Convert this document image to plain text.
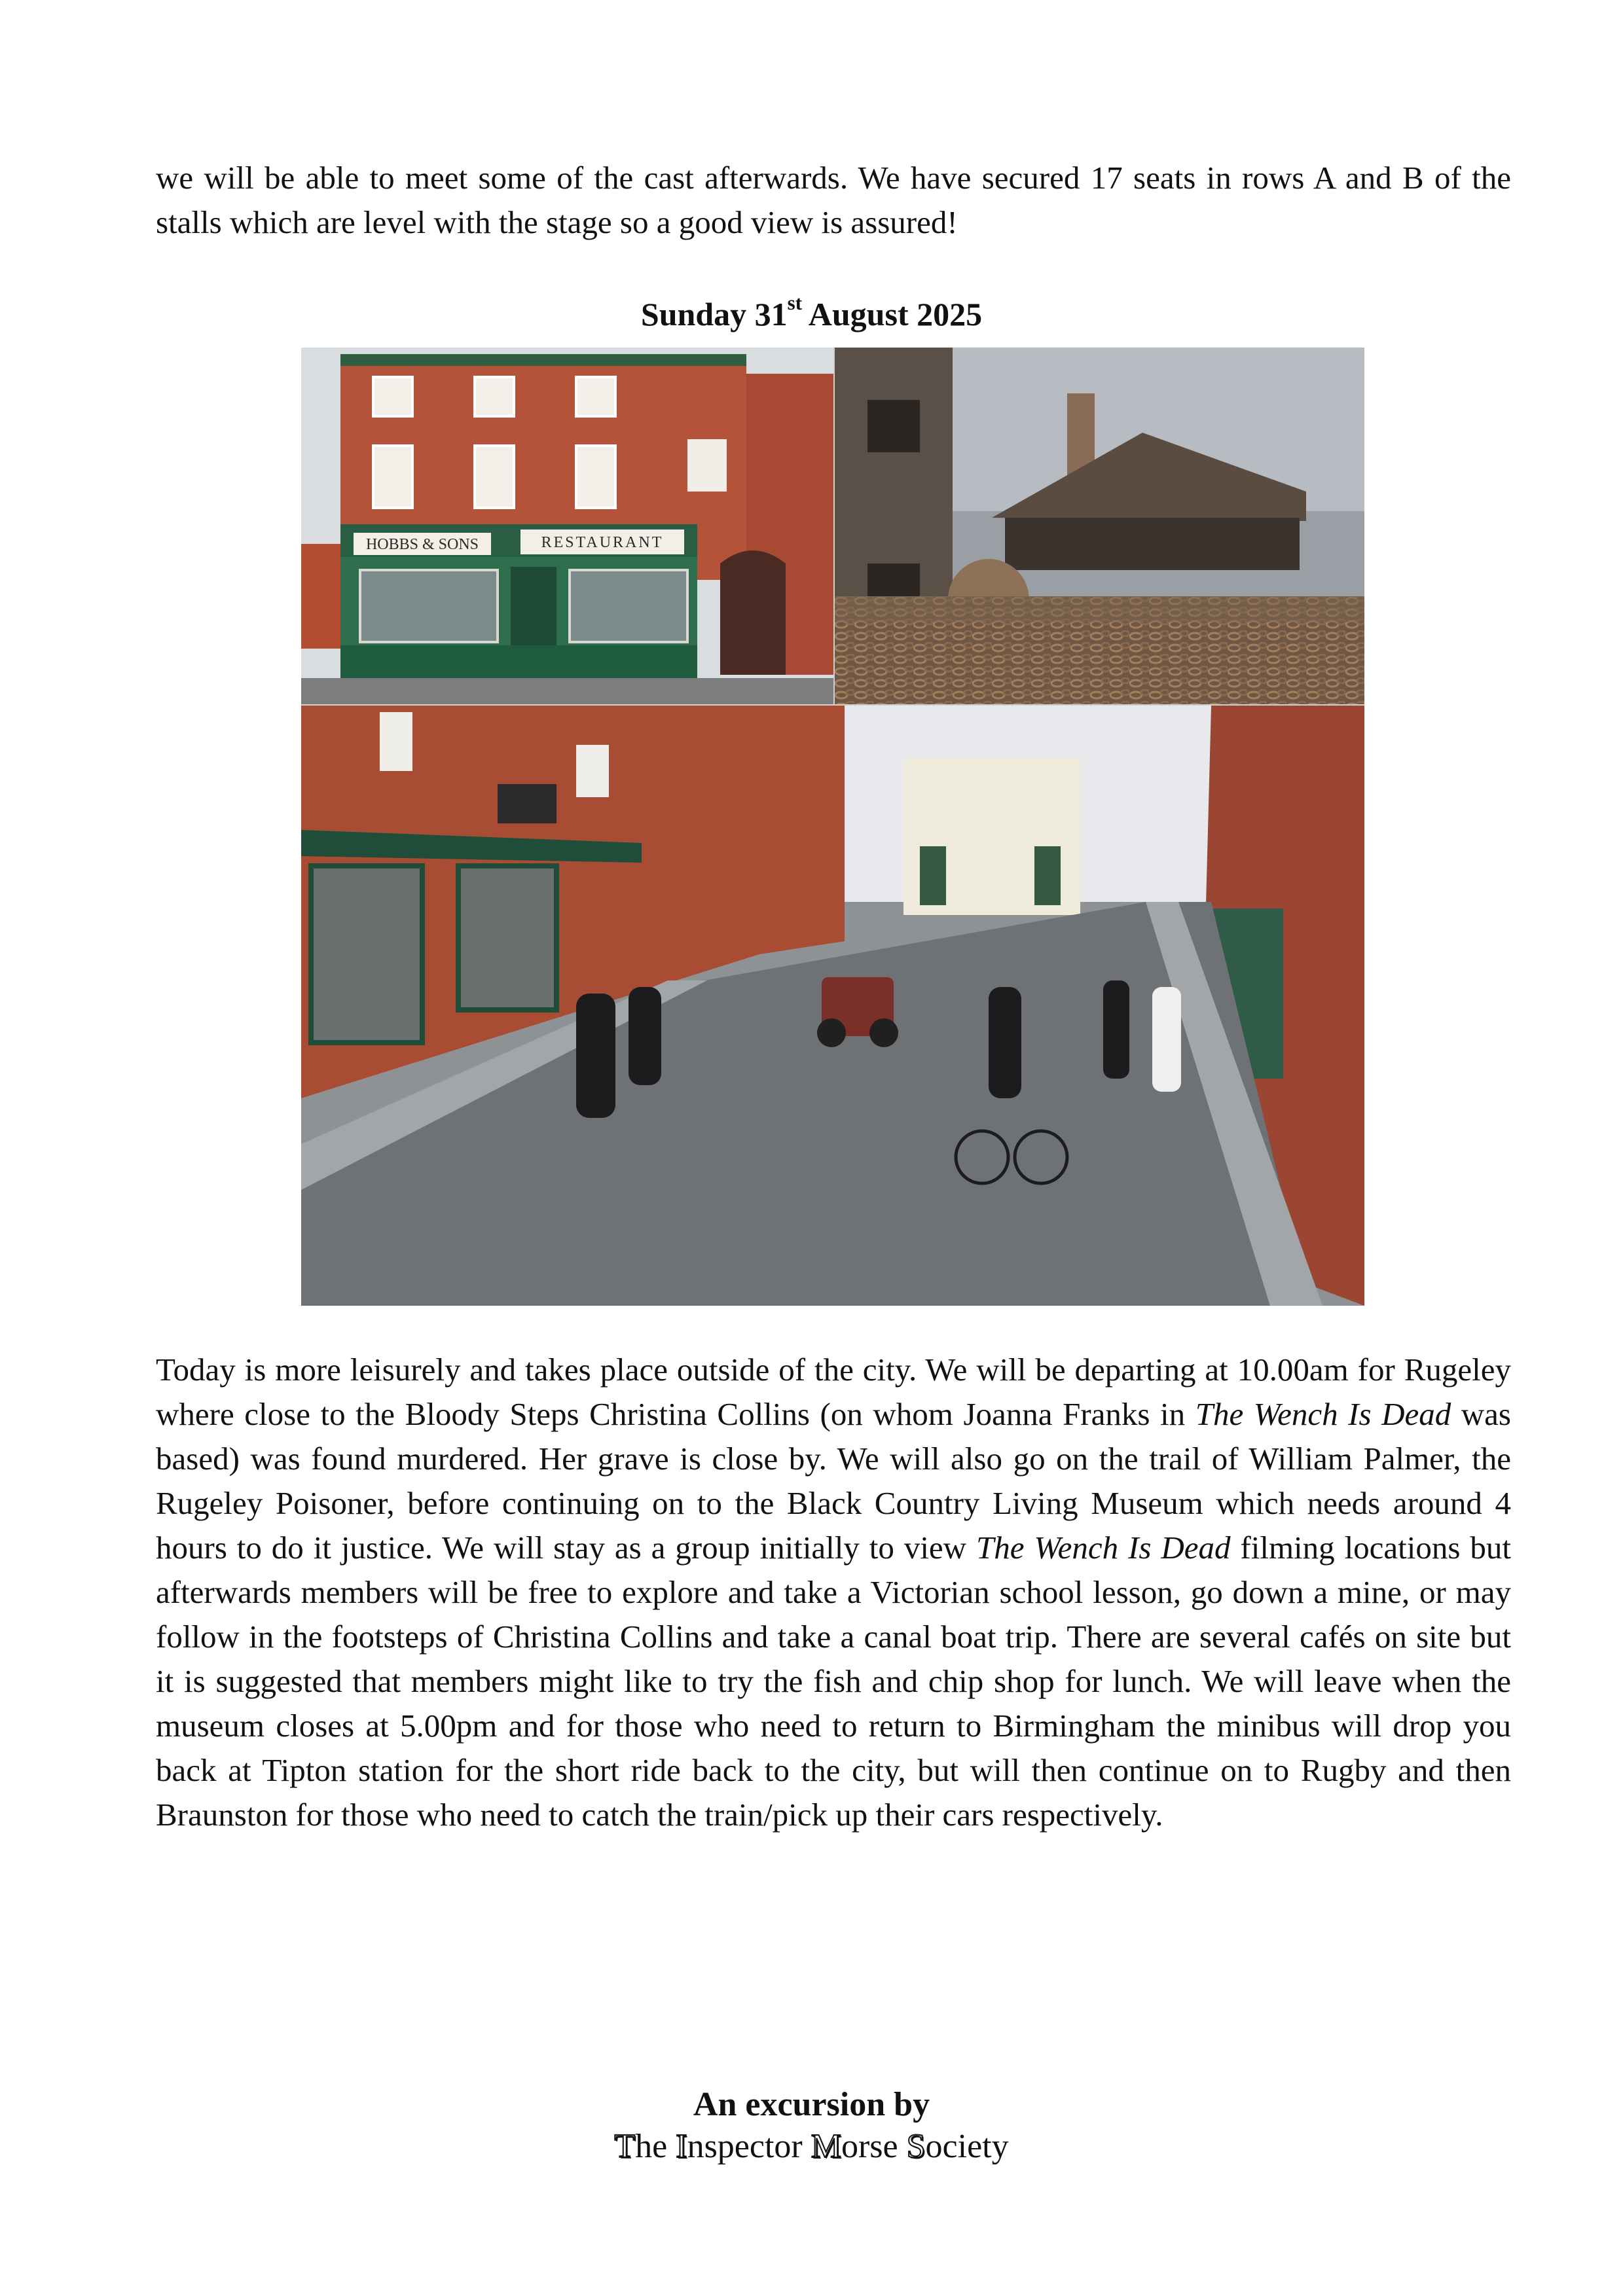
we will be able to meet some of the cast afterwards. We have secured 17 seats in rows A and B of the stalls which are level with the stage so a good view is assured!

Sunday 31st August 2025
HOBBS & SONS	RESTAURANT

Today is more leisurely and takes place outside of the city. We will be departing at 10.00am for Rugeley where close to the Bloody Steps Christina Collins (on whom Joanna Franks in The Wench Is Dead was based) was found murdered. Her grave is close by. We will also go on the trail of William Palmer, the Rugeley Poisoner, before continuing on to the Black Country Living Museum which needs around 4 hours to do it justice. We will stay as a group initially to view The Wench Is Dead filming locations but afterwards members will be free to explore and take a Victorian school lesson, go down a mine, or may follow in the footsteps of Christina Collins and take a canal boat trip. There are several cafés on site but it is suggested that members might like to try the fish and chip shop for lunch. We will leave when the museum closes at 5.00pm and for those who need to return to Birmingham the minibus will drop you back at Tipton station for the short ride back to the city, but will then continue on to Rugby and then Braunston for those who need to catch the train/pick up their cars respectively.

An excursion by
The Inspector Morse Society
